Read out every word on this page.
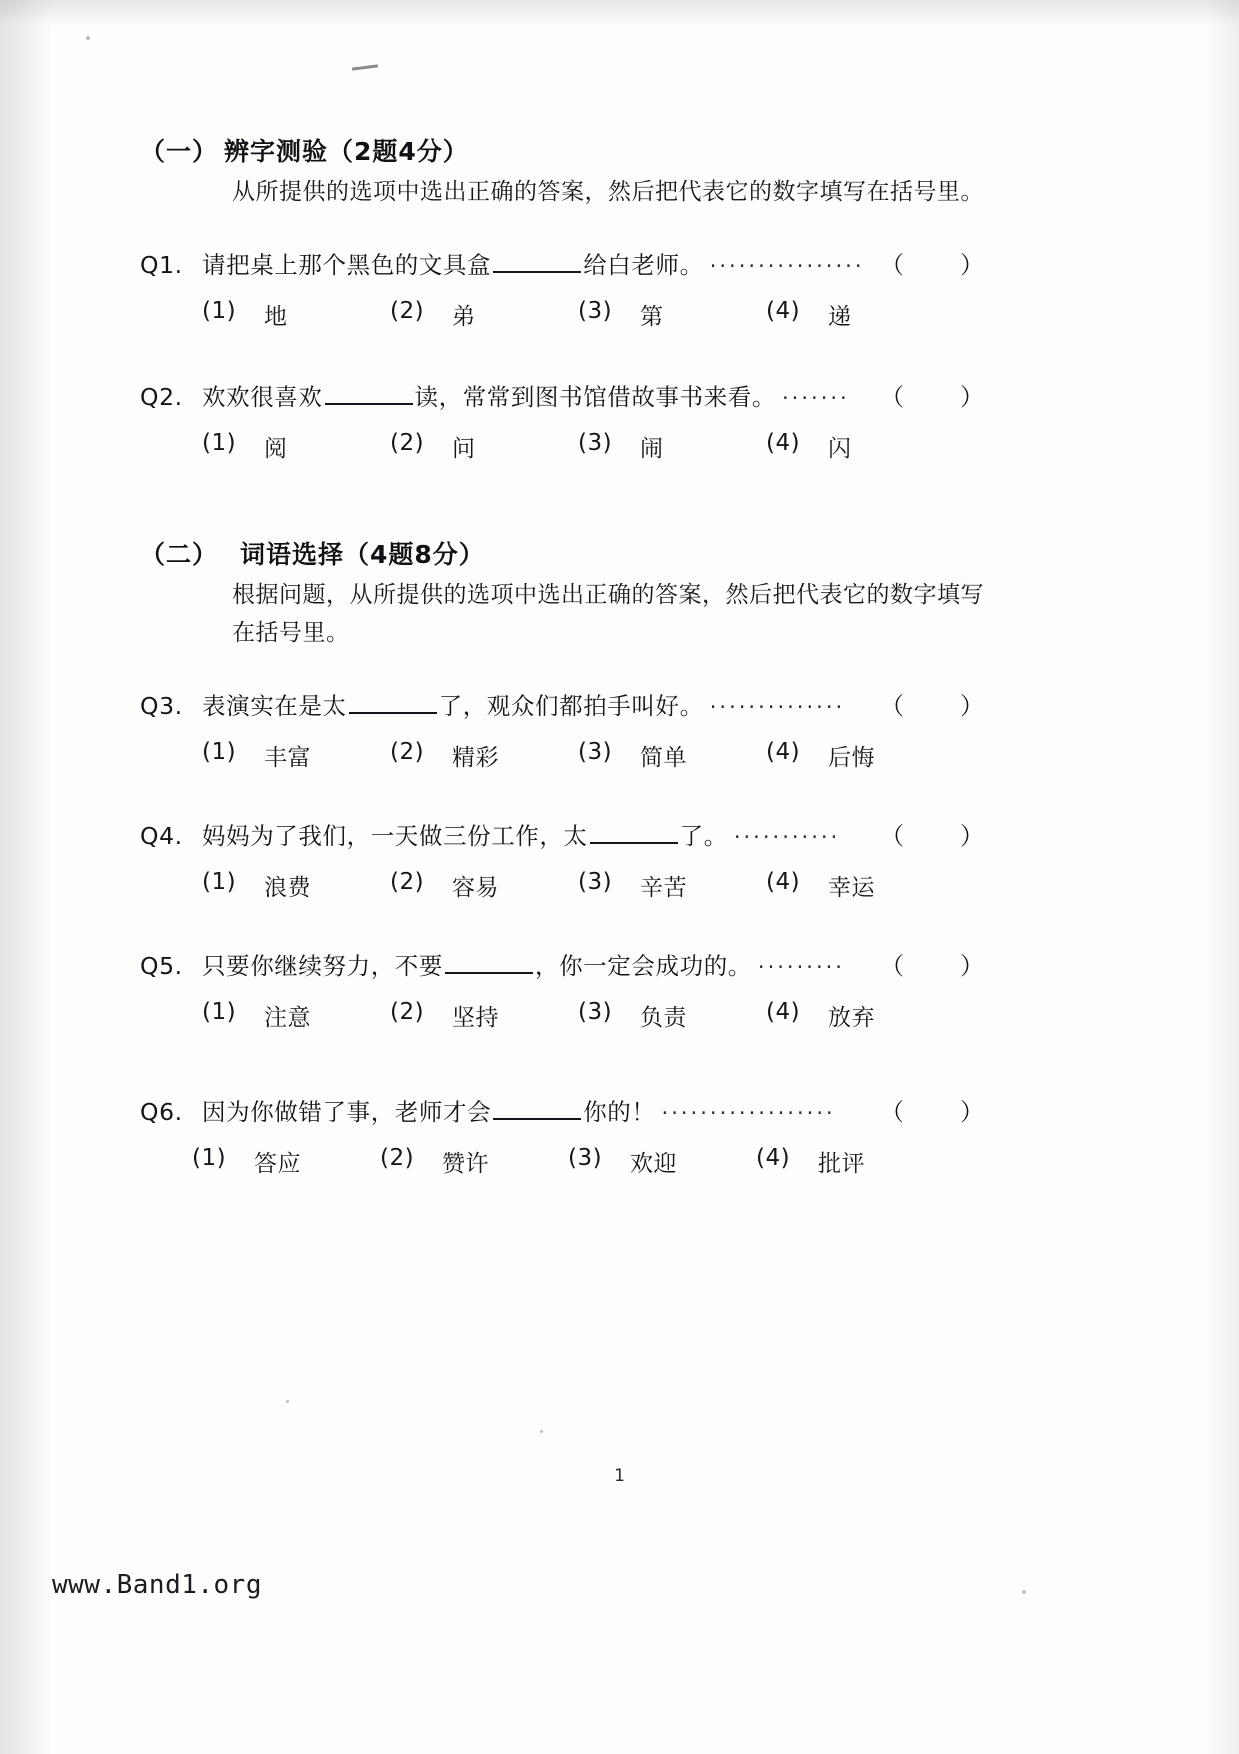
（一） 辨字测验（2题4分）

从所提供的选项中选出正确的答案，然后把代表它的数字填写在括号里。

Q1. 请把桌上那个黑色的文具盒	给白老师。 ················ （　）
(1)	地	(2)	弟	(3)	第	(4)	递
Q2. 欢欢很喜欢	读，常常到图书馆借故事书来看。 ·······	（　）
(1)	阅	(2)	问	(3)	闹	(4)	闪
（二） 词语选择（4题8分）

根据问题，从所提供的选项中选出正确的答案，然后把代表它的数字填写在括号里。

Q3. 表演实在是太	了，观众们都拍手叫好。 ··············	（　）
(1)	丰富	(2)	精彩	(3)	简单	(4)	后悔
Q4. 妈妈为了我们，一天做三份工作，太	了。 ···········	（　）
(1)	浪费	(2)	容易	(3)	辛苦	(4)	幸运
Q5. 只要你继续努力，不要	，你一定会成功的。 ·········	（　）
(1)	注意	(2)	坚持	(3)	负责	(4)	放弃
Q6. 因为你做错了事，老师才会	你的！ ··················	（　）
(1)	答应	(2)	赞许	(3)	欢迎	(4)	批评
1
www.Band1.org
